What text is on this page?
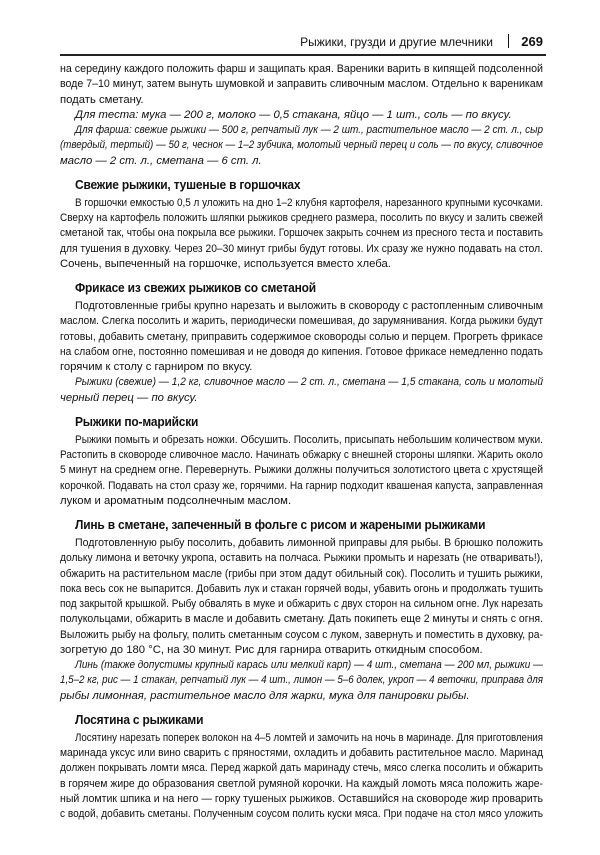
Рыжики, грузди и другие млечники 269
на середину каждого положить фарш и защипать края. Вареники варить в кипящей подсоленной
воде 7–10 минут, затем вынуть шумовкой и заправить сливочным маслом. Отдельно к вареникам
подать сметану.
Для теста: мука — 200 г, молоко — 0,5 стакана, яйцо — 1 шт., соль — по вкусу.
Для фарша: свежие рыжики — 500 г, репчатый лук — 2 шт., растительное масло — 2 ст. л., сыр
(твердый, тертый) — 50 г, чеснок — 1–2 зубчика, молотый черный перец и соль — по вкусу, сливочное
масло — 2 ст. л., сметана — 6 ст. л.
Свежие рыжики, тушеные в горшочках
В горшочки емкостью 0,5 л уложить на дно 1–2 клубня картофеля, нарезанного крупными кусочками.
Сверху на картофель положить шляпки рыжиков среднего размера, посолить по вкусу и залить свежей
сметаной так, чтобы она покрыла все рыжики. Горшочек закрыть сочнем из пресного теста и поставить
для тушения в духовку. Через 20–30 минут грибы будут готовы. Их сразу же нужно подавать на стол.
Сочень, выпеченный на горшочке, используется вместо хлеба.
Фрикасе из свежих рыжиков со сметаной
Подготовленные грибы крупно нарезать и выложить в сковороду с растопленным сливочным
маслом. Слегка посолить и жарить, периодически помешивая, до зарумянивания. Когда рыжики будут
готовы, добавить сметану, приправить содержимое сковороды солью и перцем. Прогреть фрикасе
на слабом огне, постоянно помешивая и не доводя до кипения. Готовое фрикасе немедленно подать
горячим к столу с гарниром по вкусу.
Рыжики (свежие) — 1,2 кг, сливочное масло — 2 ст. л., сметана — 1,5 стакана, соль и молотый
черный перец — по вкусу.
Рыжики по-марийски
Рыжики помыть и обрезать ножки. Обсушить. Посолить, присыпать небольшим количеством муки.
Растопить в сковороде сливочное масло. Начинать обжарку с внешней стороны шляпки. Жарить около
5 минут на среднем огне. Перевернуть. Рыжики должны получиться золотистого цвета с хрустящей
корочкой. Подавать на стол сразу же, горячими. На гарнир подходит квашеная капуста, заправленная
луком и ароматным подсолнечным маслом.
Линь в сметане, запеченный в фольге с рисом и жареными рыжиками
Подготовленную рыбу посолить, добавить лимонной приправы для рыбы. В брюшко положить
дольку лимона и веточку укропа, оставить на полчаса. Рыжики промыть и нарезать (не отваривать!),
обжарить на растительном масле (грибы при этом дадут обильный сок). Посолить и тушить рыжики,
пока весь сок не выпарится. Добавить лук и стакан горячей воды, убавить огонь и продолжать тушить
под закрытой крышкой. Рыбу обвалять в муке и обжарить с двух сторон на сильном огне. Лук нарезать
полукольцами, обжарить в масле и добавить сметану. Дать покипеть еще 2 минуты и снять с огня.
Выложить рыбу на фольгу, полить сметанным соусом с луком, завернуть и поместить в духовку, ра-
зогретую до 180 °С, на 30 минут. Рис для гарнира отварить откидным способом.
Линь (также допустимы крупный карась или мелкий карп) — 4 шт., сметана — 200 мл, рыжики —
1,5–2 кг, рис — 1 стакан, репчатый лук — 4 шт., лимон — 5–6 долек, укроп — 4 веточки, приправа для
рыбы лимонная, растительное масло для жарки, мука для панировки рыбы.
Лосятина с рыжиками
Лосятину нарезать поперек волокон на 4–5 ломтей и замочить на ночь в маринаде. Для приготовления
маринада уксус или вино сварить с пряностями, охладить и добавить растительное масло. Маринад
должен покрывать ломти мяса. Перед жаркой дать маринаду стечь, мясо слегка посолить и обжарить
в горячем жире до образования светлой румяной корочки. На каждый ломоть мяса положить жаре-
ный ломтик шпика и на него — горку тушеных рыжиков. Оставшийся на сковороде жир проварить
с водой, добавить сметаны. Полученным соусом полить куски мяса. При подаче на стол мясо уложить
